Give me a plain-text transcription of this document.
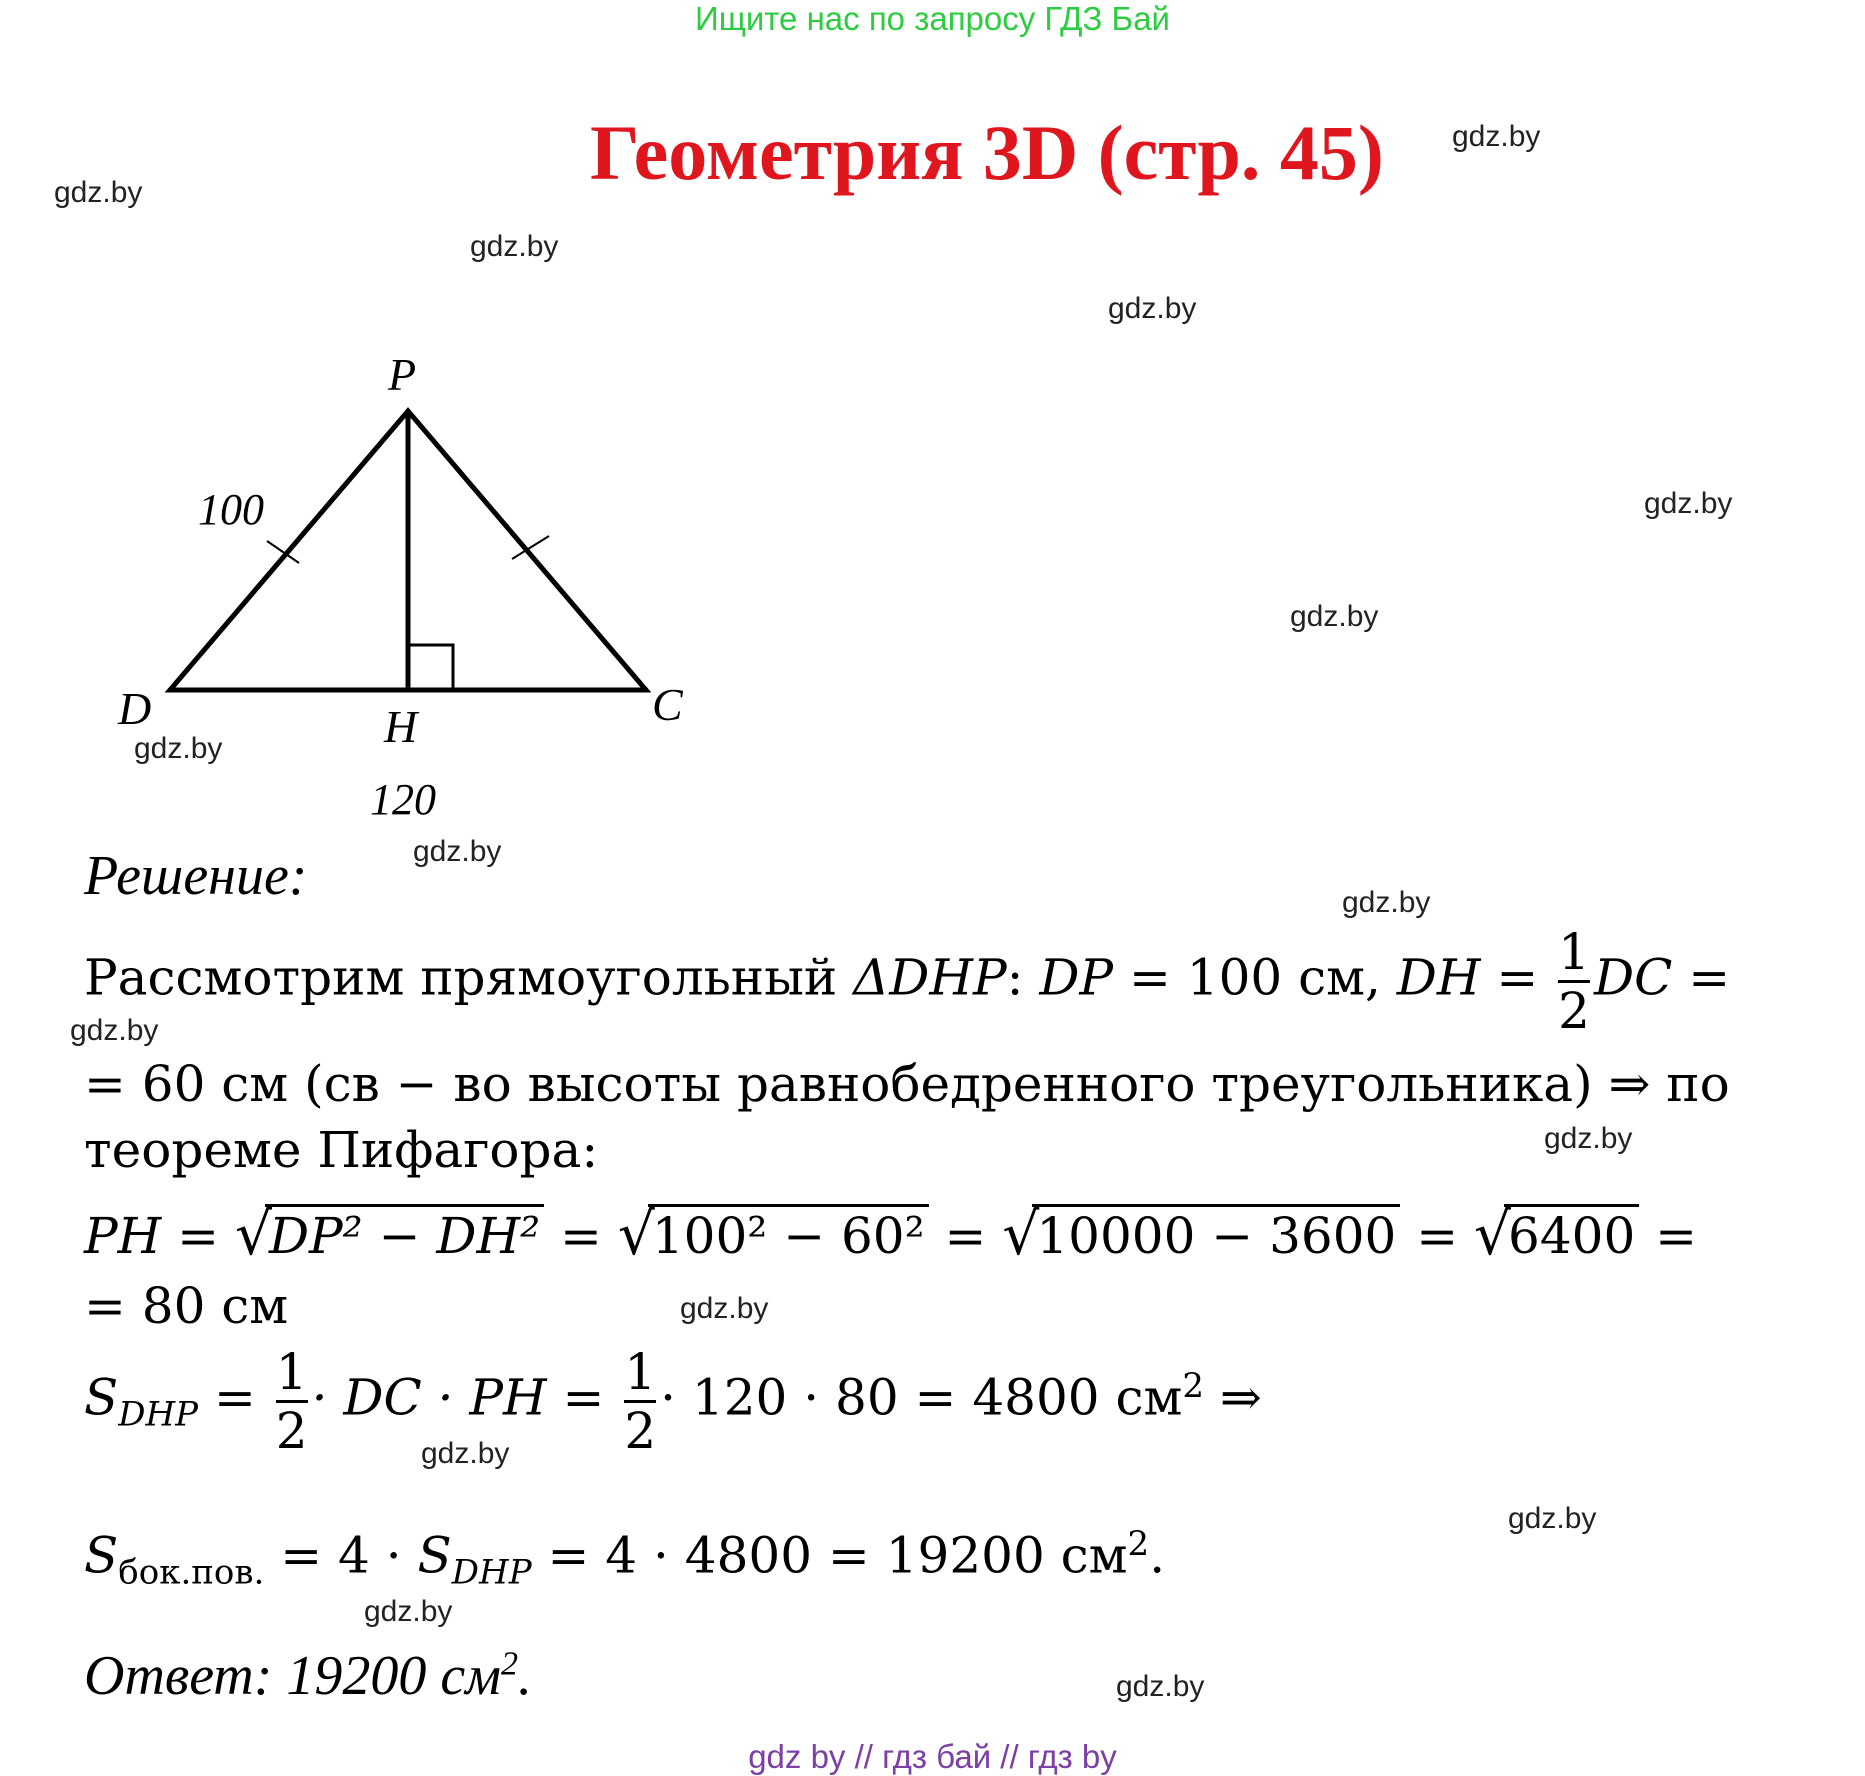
Ищите нас по запросу ГДЗ Бай
Геометрия 3D (стр. 45) gdz.by
gdz.by
gdz.by
gdz.by
gdz.by
gdz.by
gdz.by
gdz.by
gdz.by
gdz.by
gdz.by
gdz.by
gdz.by
gdz.by
gdz.by
gdz.by
P
D	C
H
100
120
Решение:
Рассмотрим прямоугольный ΔDHP: DP = 100 см, DH = $\frac{1}{2}$ DC =
= 60 см (св − во высоты равнобедренного треугольника) ⇒ по
теореме Пифагора:
PH = √ DP² − DH² = √ 100² − 60² = √ 10000 − 3600 = √ 6400 =
= 80 см
$S_{DHP} = \frac{1}{2}$ · DC · PH = $\frac{1}{2} \cdot 120 \cdot 80 = 4800$ $см^2$ ⇒
$S_{бок.пов.} = 4 \cdot S_{DHP} = 4 \cdot 4800 = 19200$ $см^2$.
Ответ: 19200 $см^2$.
gdz by // гдз бай // гдз by
